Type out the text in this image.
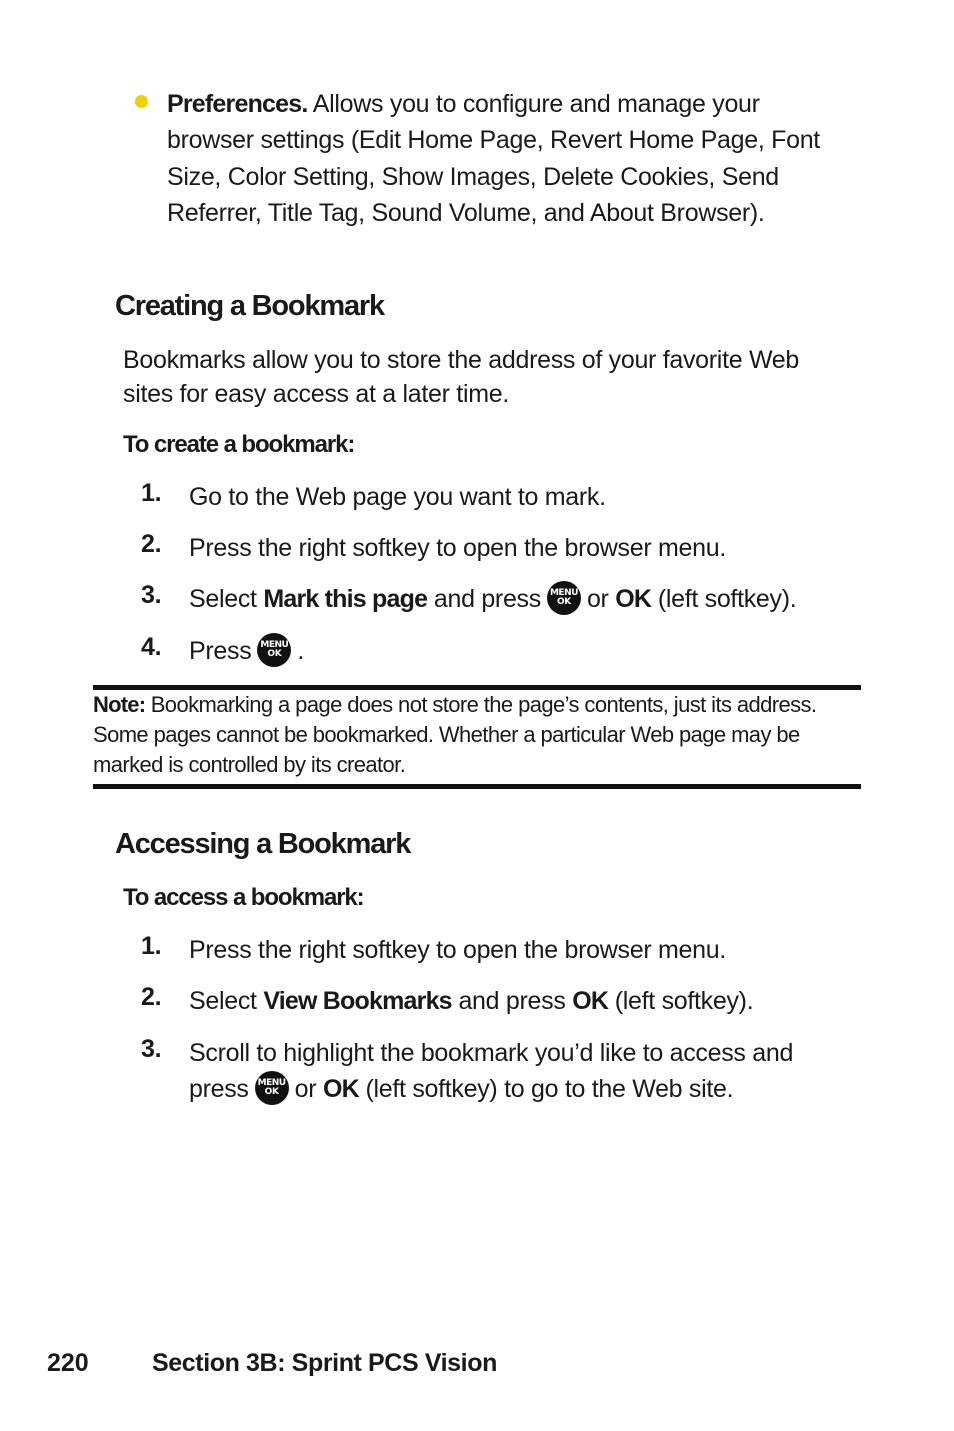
Preferences. Allows you to configure and manage your browser settings (Edit Home Page, Revert Home Page, Font Size, Color Setting, Show Images, Delete Cookies, Send Referrer, Title Tag, Sound Volume, and About Browser).
Creating a Bookmark
Bookmarks allow you to store the address of your favorite Web sites for easy access at a later time.
To create a bookmark:
1. Go to the Web page you want to mark.
2. Press the right softkey to open the browser menu.
3. Select Mark this page and press	MENU
OK or OK (left softkey).
4. Press	MENU
OK .
Note: Bookmarking a page does not store the page’s contents, just its address. Some pages cannot be bookmarked. Whether a particular Web page may be marked is controlled by its creator.
Accessing a Bookmark
To access a bookmark:
1. Press the right softkey to open the browser menu.
2. Select View Bookmarks and press OK (left softkey).
3. Scroll to highlight the bookmark you’d like to access and
press	MENU
OK or OK (left softkey) to go to the Web site.
220	Section 3B: Sprint PCS Vision
